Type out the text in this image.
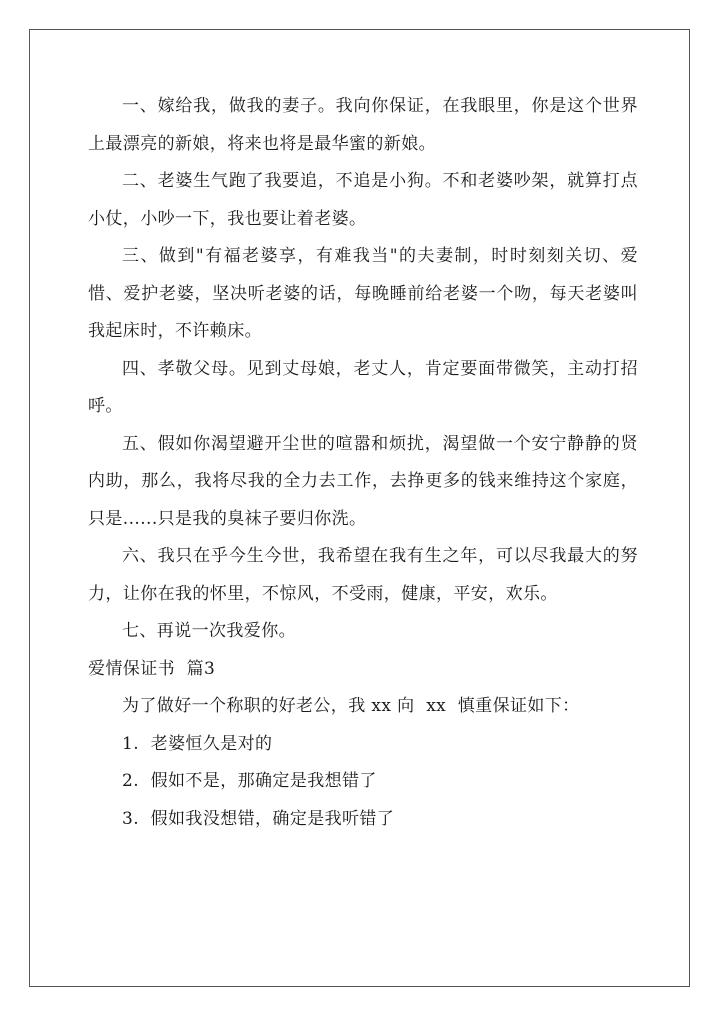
一、嫁给我，做我的妻子。我向你保证，在我眼里，你是这个世界上最漂亮的新娘，将来也将是最华蜜的新娘。

二、老婆生气跑了我要追，不追是小狗。不和老婆吵架，就算打点小仗，小吵一下，我也要让着老婆。

三、做到"有福老婆享，有难我当"的夫妻制，时时刻刻关切、爱惜、爱护老婆，坚决听老婆的话，每晚睡前给老婆一个吻，每天老婆叫我起床时，不许赖床。

四、孝敬父母。见到丈母娘，老丈人，肯定要面带微笑，主动打招呼。

五、假如你渴望避开尘世的喧嚣和烦扰，渴望做一个安宁静静的贤内助，那么，我将尽我的全力去工作，去挣更多的钱来维持这个家庭，只是......只是我的臭袜子要归你洗。

六、我只在乎今生今世，我希望在我有生之年，可以尽我最大的努力，让你在我的怀里，不惊风，不受雨，健康，平安，欢乐。

七、再说一次我爱你。

爱情保证书  篇3

为了做好一个称职的好老公，我 xx 向  xx  慎重保证如下：

1.  老婆恒久是对的

2.  假如不是，那确定是我想错了

3.  假如我没想错，确定是我听错了
